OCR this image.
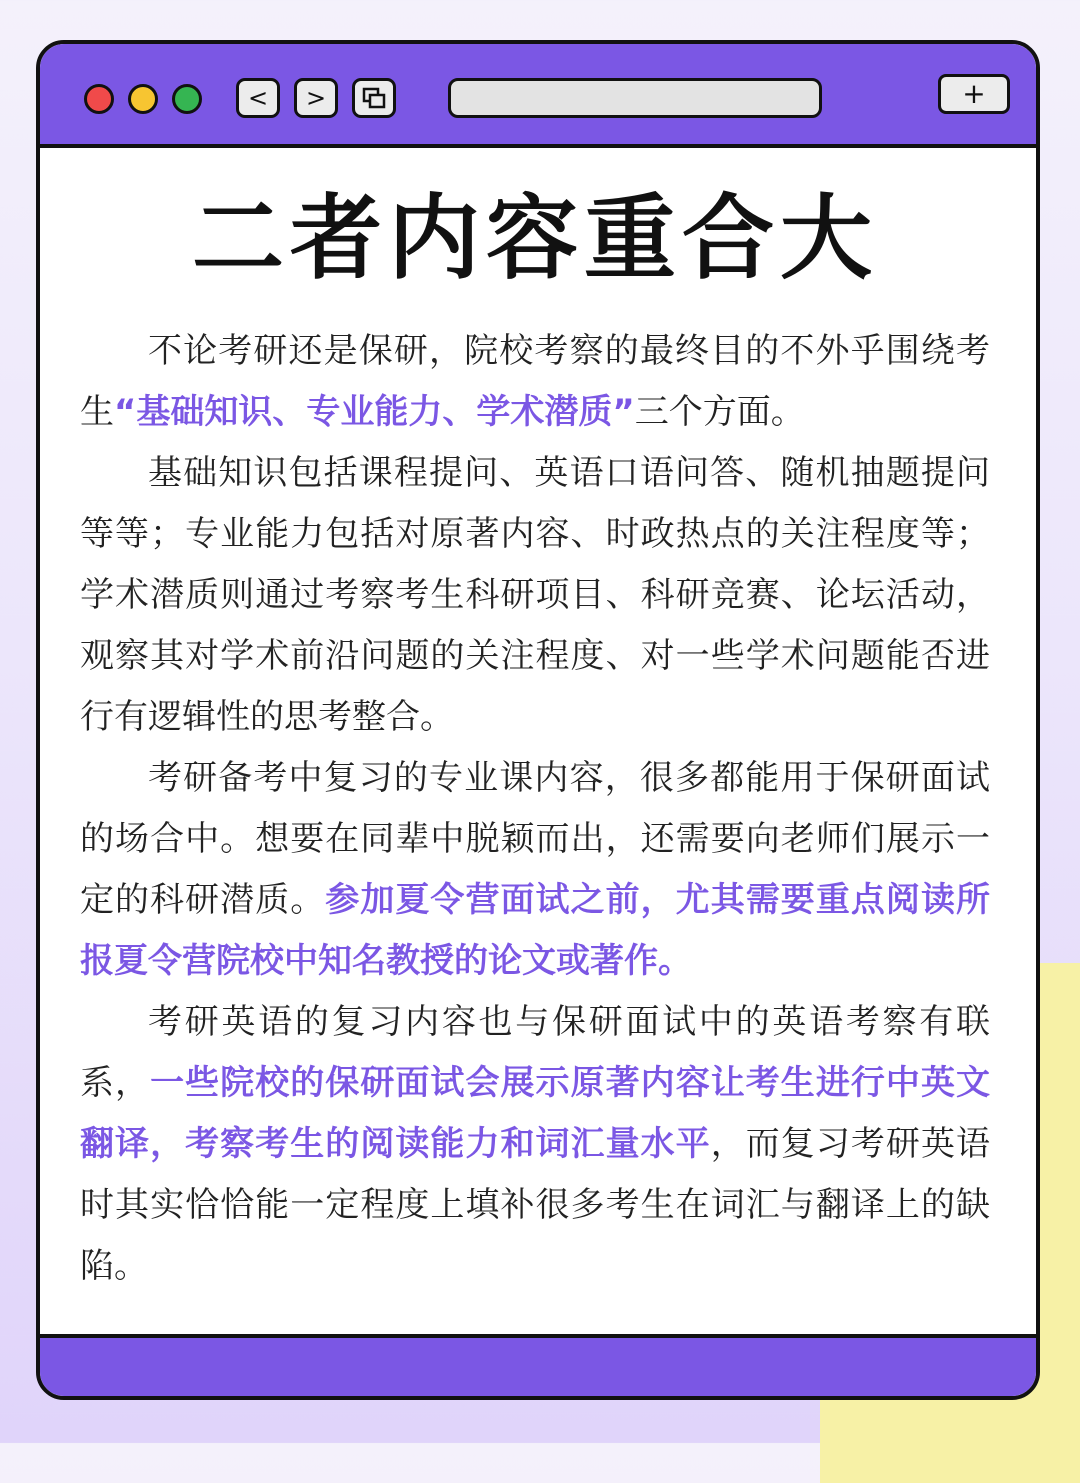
< >	+
二者内容重合大

不论考研还是保研，院校考察的最终目的不外乎围绕考生“基础知识、专业能力、学术潜质”三个方面。

基础知识包括课程提问、英语口语问答、随机抽题提问等等；专业能力包括对原著内容、时政热点的关注程度等；学术潜质则通过考察考生科研项目、科研竞赛、论坛活动，观察其对学术前沿问题的关注程度、对一些学术问题能否进行有逻辑性的思考整合。

考研备考中复习的专业课内容，很多都能用于保研面试的场合中。想要在同辈中脱颖而出，还需要向老师们展示一定的科研潜质。参加夏令营面试之前，尤其需要重点阅读所报夏令营院校中知名教授的论文或著作。

考研英语的复习内容也与保研面试中的英语考察有联系，一些院校的保研面试会展示原著内容让考生进行中英文翻译，考察考生的阅读能力和词汇量水平，而复习考研英语时其实恰恰能一定程度上填补很多考生在词汇与翻译上的缺陷。
